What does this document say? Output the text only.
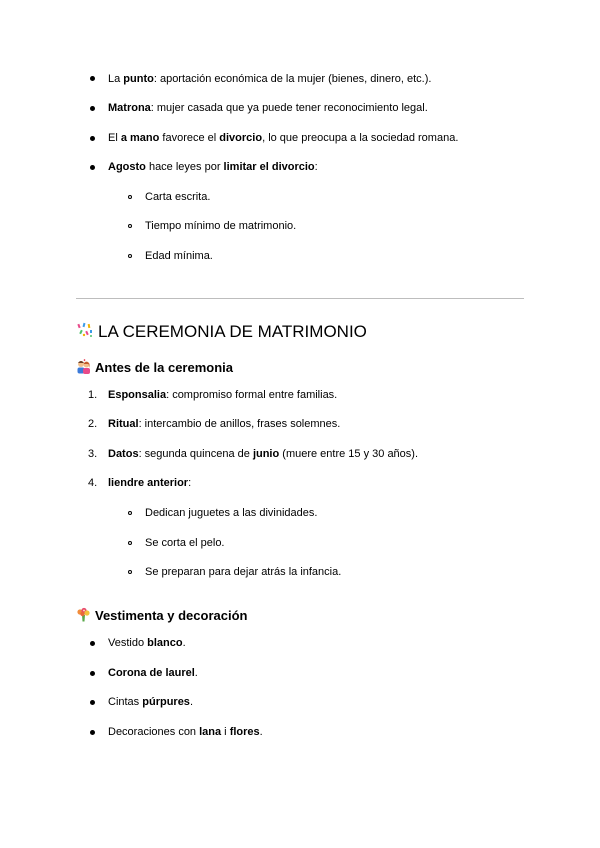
La punto: aportación económica de la mujer (bienes, dinero, etc.).
Matrona: mujer casada que ya puede tener reconocimiento legal.
El a mano favorece el divorcio, lo que preocupa a la sociedad romana.
Agosto hace leyes por limitar el divorcio:
Carta escrita.
Tiempo mínimo de matrimonio.
Edad mínima.
LA CEREMONIA DE MATRIMONIO
Antes de la ceremonia
1. Esponsalia: compromiso formal entre familias.
2. Ritual: intercambio de anillos, frases solemnes.
3. Datos: segunda quincena de junio (muere entre 15 y 30 años).
4. liendre anterior:
Dedican juguetes a las divinidades.
Se corta el pelo.
Se preparan para dejar atrás la infancia.
Vestimenta y decoración
Vestido blanco.
Corona de laurel.
Cintas púrpures.
Decoraciones con lana i flores.
